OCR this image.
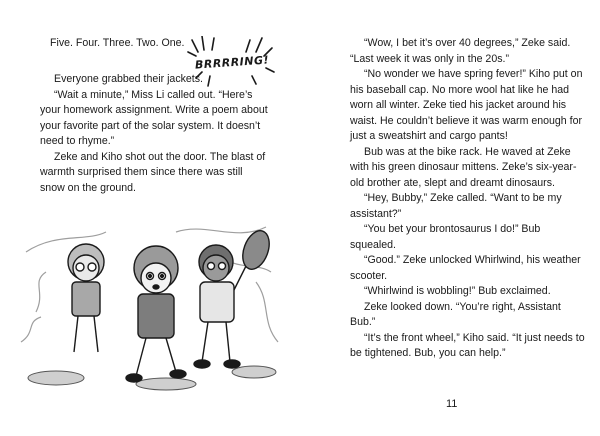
Five. Four. Three. Two. One.

BRRRRING!

Everyone grabbed their jackets.

“Wait a minute,” Miss Li called out. “Here’s your homework assignment. Write a poem about your favorite part of the solar system. It doesn’t need to rhyme.”

Zeke and Kiho shot out the door. The blast of warmth surprised them since there was still snow on the ground.

“Wow, I bet it’s over 40 degrees,” Zeke said. “Last week it was only in the 20s.”

“No wonder we have spring fever!” Kiho put on his baseball cap. No more wool hat like he had worn all winter. Zeke tied his jacket around his waist. He couldn’t believe it was warm enough for just a sweatshirt and cargo pants!

Bub was at the bike rack. He waved at Zeke with his green dinosaur mittens. Zeke’s six-year-old brother ate, slept and dreamt dinosaurs.

“Hey, Bubby,” Zeke called. “Want to be my assistant?”

“You bet your brontosaurus I do!” Bub squealed.

“Good.” Zeke unlocked Whirlwind, his weather scooter.

“Whirlwind is wobbling!” Bub exclaimed.

Zeke looked down. “You’re right, Assistant Bub.”

“It’s the front wheel,” Kiho said. “It just needs to be tightened. Bub, you can help.”

11
